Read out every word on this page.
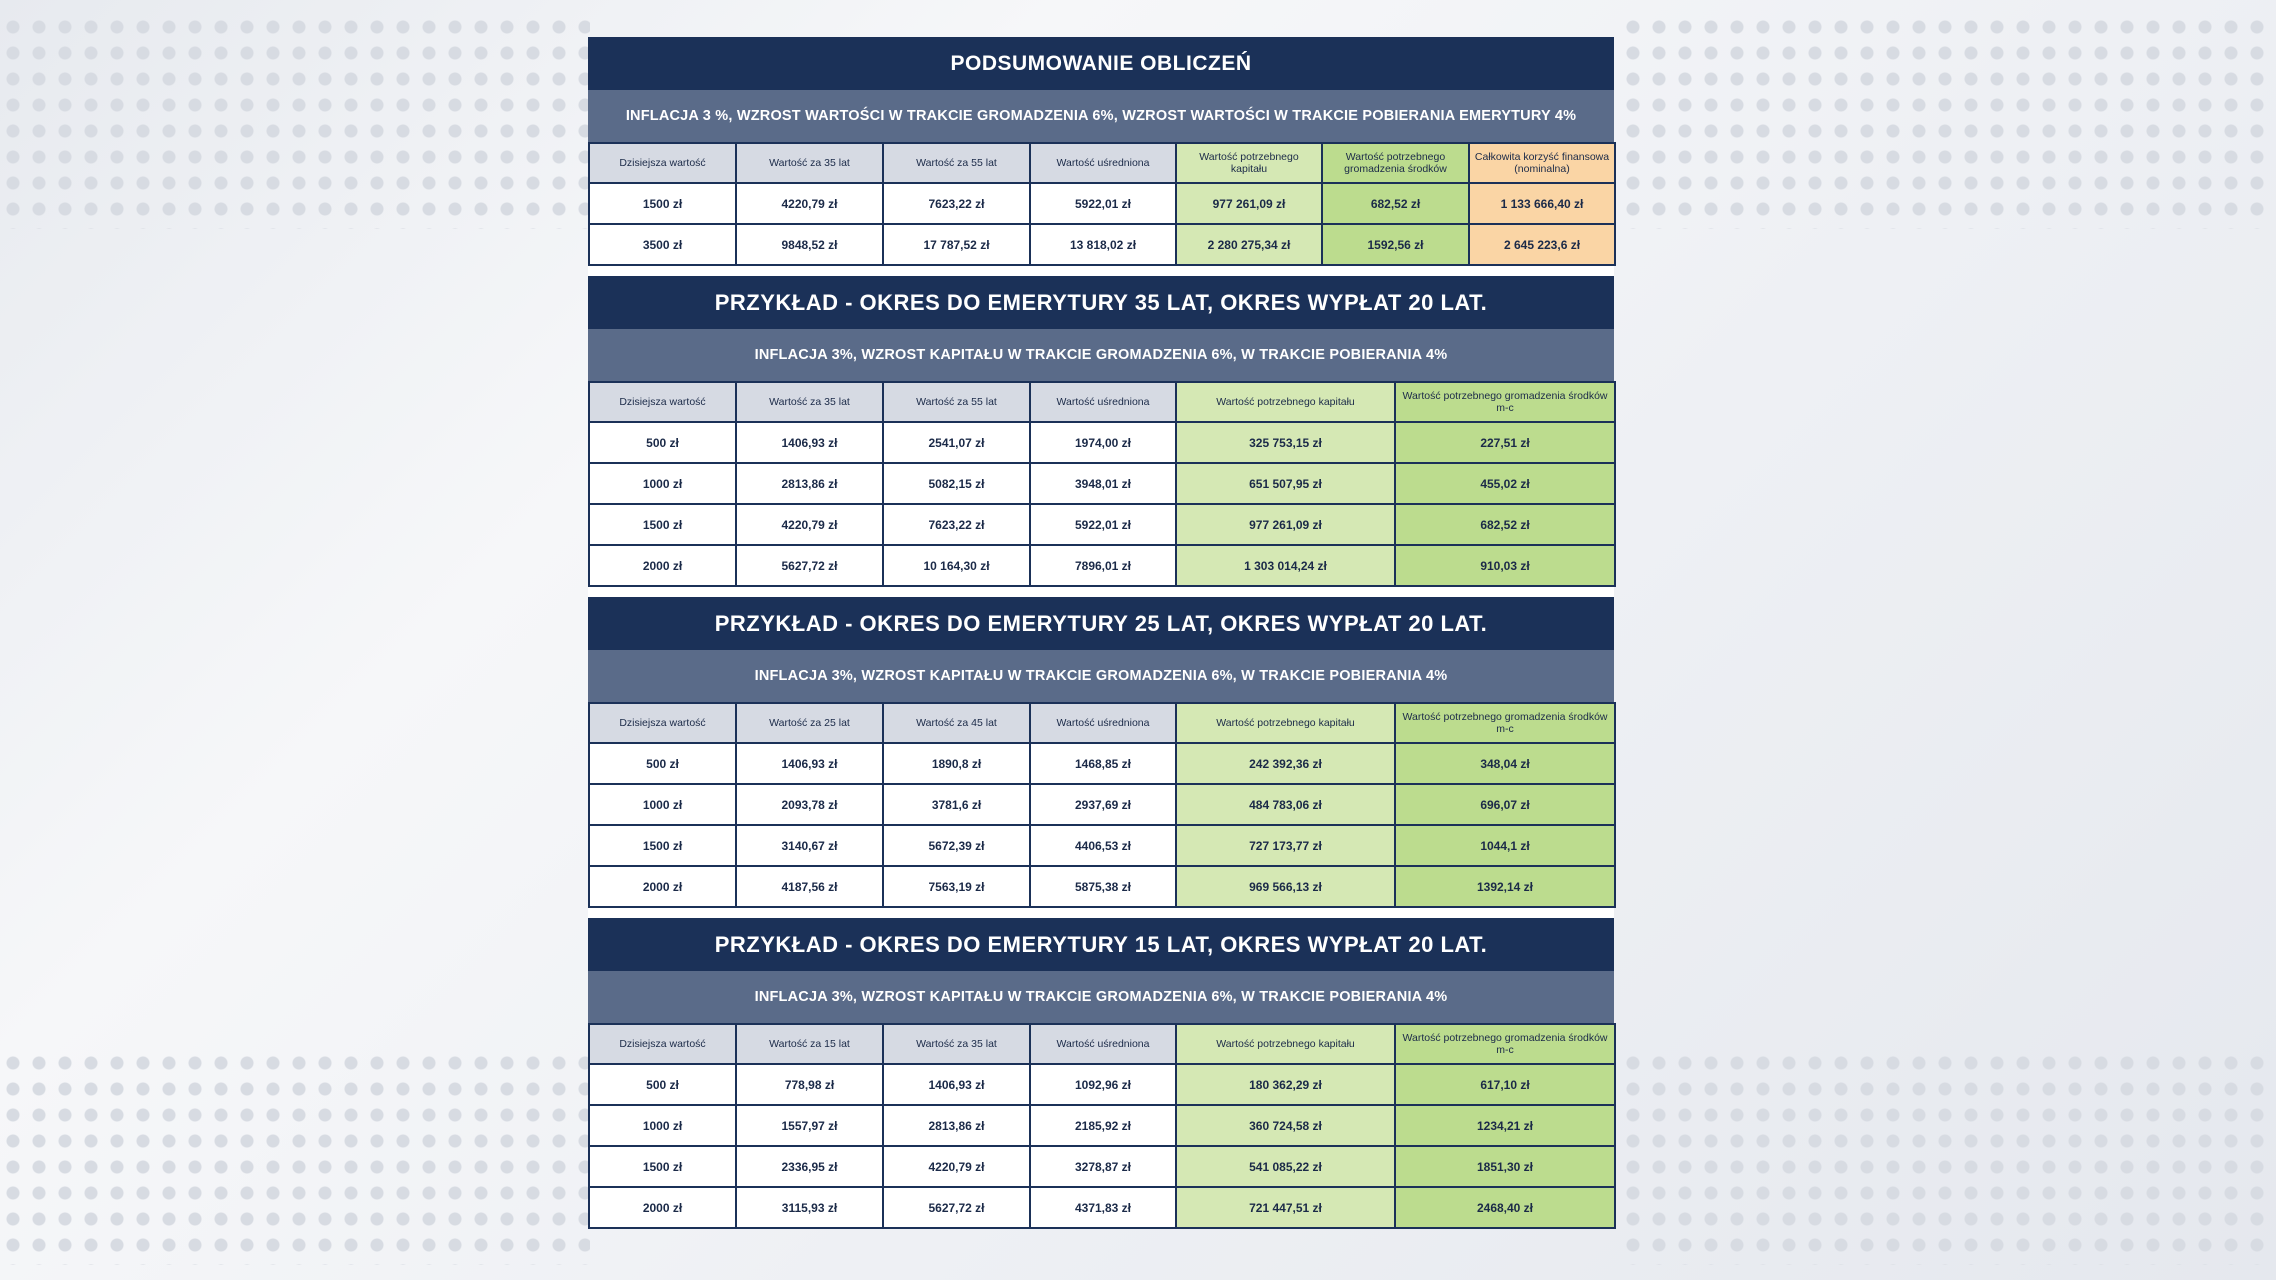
PODSUMOWANIE OBLICZEŃ
INFLACJA 3 %, WZROST WARTOŚCI W TRAKCIE GROMADZENIA 6%, WZROST WARTOŚCI W TRAKCIE POBIERANIA EMERYTURY 4%
Dzisiejsza wartość	Wartość za 35 lat	Wartość za 55 lat	Wartość uśredniona	Wartość potrzebnego kapitału	Wartość potrzebnego gromadzenia środków	Całkowita korzyść finansowa (nominalna)
1500 zł	4220,79 zł	7623,22 zł	5922,01 zł	977 261,09 zł	682,52 zł	1 133 666,40 zł
3500 zł	9848,52 zł	17 787,52 zł	13 818,02 zł	2 280 275,34 zł	1592,56 zł	2 645 223,6 zł
PRZYKŁAD - OKRES DO EMERYTURY 35 LAT, OKRES WYPŁAT 20 LAT.
INFLACJA 3%, WZROST KAPITAŁU W TRAKCIE GROMADZENIA 6%, W TRAKCIE POBIERANIA 4%
Dzisiejsza wartość	Wartość za 35 lat	Wartość za 55 lat	Wartość uśredniona	Wartość potrzebnego kapitału	Wartość potrzebnego gromadzenia środków m-c
500 zł	1406,93 zł	2541,07 zł	1974,00 zł	325 753,15 zł	227,51 zł
1000 zł	2813,86 zł	5082,15 zł	3948,01 zł	651 507,95 zł	455,02 zł
1500 zł	4220,79 zł	7623,22 zł	5922,01 zł	977 261,09 zł	682,52 zł
2000 zł	5627,72 zł	10 164,30 zł	7896,01 zł	1 303 014,24 zł	910,03 zł
PRZYKŁAD - OKRES DO EMERYTURY 25 LAT, OKRES WYPŁAT 20 LAT.
INFLACJA 3%, WZROST KAPITAŁU W TRAKCIE GROMADZENIA 6%, W TRAKCIE POBIERANIA 4%
Dzisiejsza wartość	Wartość za 25 lat	Wartość za 45 lat	Wartość uśredniona	Wartość potrzebnego kapitału	Wartość potrzebnego gromadzenia środków m-c
500 zł	1406,93 zł	1890,8 zł	1468,85 zł	242 392,36 zł	348,04 zł
1000 zł	2093,78 zł	3781,6 zł	2937,69 zł	484 783,06 zł	696,07 zł
1500 zł	3140,67 zł	5672,39 zł	4406,53 zł	727 173,77 zł	1044,1 zł
2000 zł	4187,56 zł	7563,19 zł	5875,38 zł	969 566,13 zł	1392,14 zł
PRZYKŁAD - OKRES DO EMERYTURY 15 LAT, OKRES WYPŁAT 20 LAT.
INFLACJA 3%, WZROST KAPITAŁU W TRAKCIE GROMADZENIA 6%, W TRAKCIE POBIERANIA 4%
Dzisiejsza wartość	Wartość za 15 lat	Wartość za 35 lat	Wartość uśredniona	Wartość potrzebnego kapitału	Wartość potrzebnego gromadzenia środków m-c
500 zł	778,98 zł	1406,93 zł	1092,96 zł	180 362,29 zł	617,10 zł
1000 zł	1557,97 zł	2813,86 zł	2185,92 zł	360 724,58 zł	1234,21 zł
1500 zł	2336,95 zł	4220,79 zł	3278,87 zł	541 085,22 zł	1851,30 zł
2000 zł	3115,93 zł	5627,72 zł	4371,83 zł	721 447,51 zł	2468,40 zł
